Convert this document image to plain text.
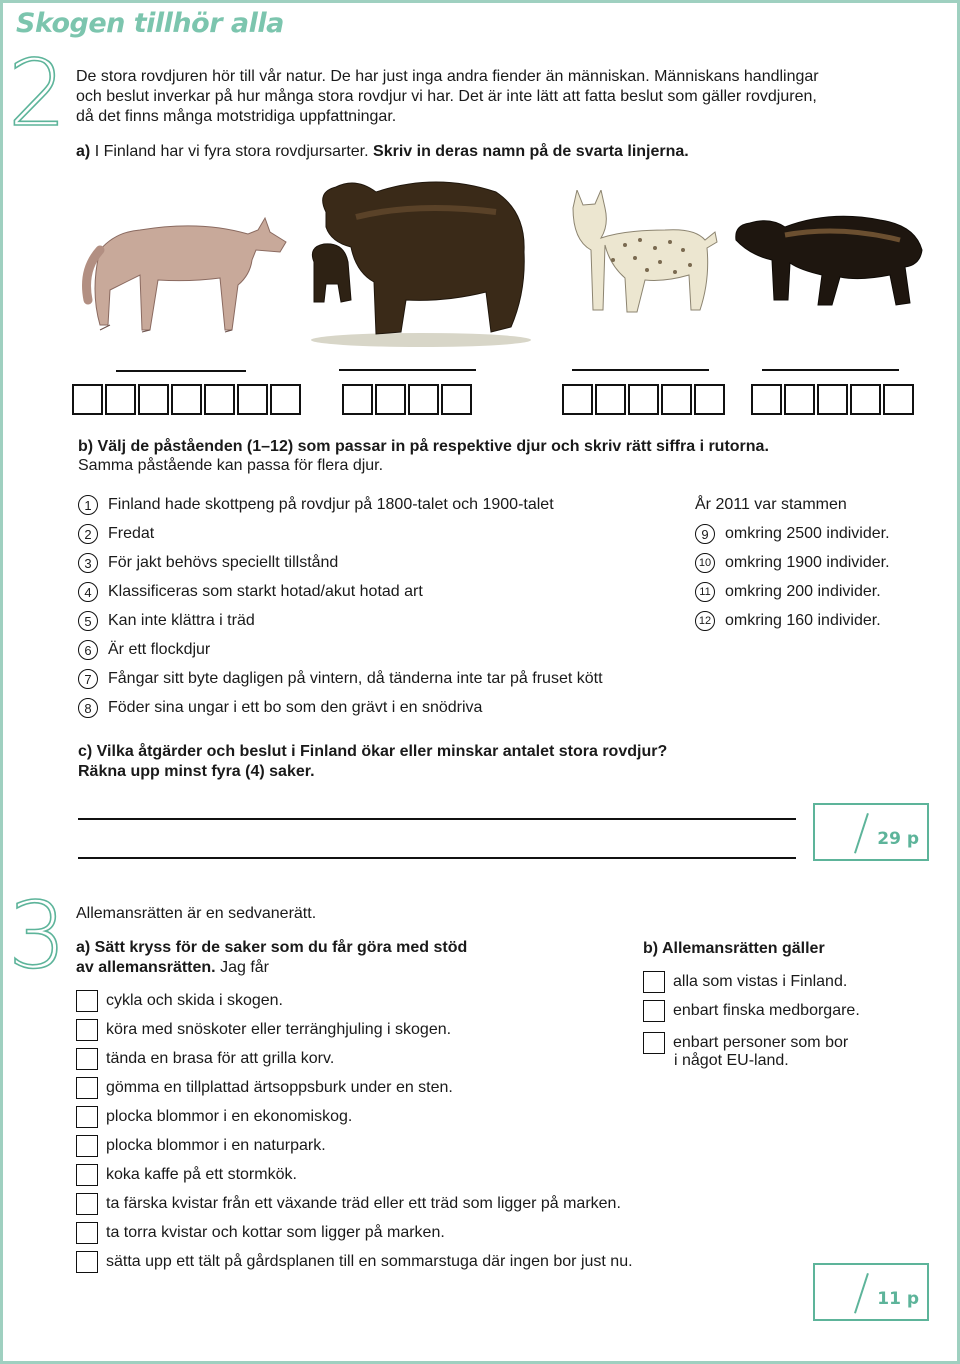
Skogen tillhör alla
2 De stora rovdjuren hör till vår natur. De har just inga andra fiender än människan. Människans handlingar

och beslut inverkar på hur många stora rovdjur vi har. Det är inte lätt att fatta beslut som gäller rovdjuren,

då det finns många motstridiga uppfattningar.

a) I Finland har vi fyra stora rovdjursarter. Skriv in deras namn på de svarta linjerna.

b) Välj de påståenden (1–12) som passar in på respektive djur och skriv rätt siffra i rutorna.

Samma påstående kan passa för flera djur.

1	Finland hade skottpeng på rovdjur på 1800-talet och 1900-talet
2	Fredat
3	För jakt behövs speciellt tillstånd
4	Klassificeras som starkt hotad/akut hotad art
5	Kan inte klättra i träd
6	Är ett flockdjur
7	Fångar sitt byte dagligen på vintern, då tänderna inte tar på fruset kött
8	Föder sina ungar i ett bo som den grävt i en snödriva

År 2011 var stammen

9	omkring 2500 individer.
10 omkring 1900 individer.
11 omkring 200 individer.
12 omkring 160 individer.

c) Vilka åtgärder och beslut i Finland ökar eller minskar antalet stora rovdjur?

Räkna upp minst fyra (4) saker.

29 p
3 Allemansrätten är en sedvanerätt.

a) Sätt kryss för de saker som du får göra med stöd

av allemansrätten. Jag får

cykla och skida i skogen.
köra med snöskoter eller terränghjuling i skogen.
tända en brasa för att grilla korv.
gömma en tillplattad ärtsoppsburk under en sten.
plocka blommor i en ekonomiskog.
plocka blommor i en naturpark.
koka kaffe på ett stormkök.
ta färska kvistar från ett växande träd eller ett träd som ligger på marken.
ta torra kvistar och kottar som ligger på marken.
sätta upp ett tält på gårdsplanen till en sommarstuga där ingen bor just nu.

b) Allemansrätten gäller

alla som vistas i Finland.
enbart finska medborgare.
enbart personer som bor

i något EU-land.

11 p
